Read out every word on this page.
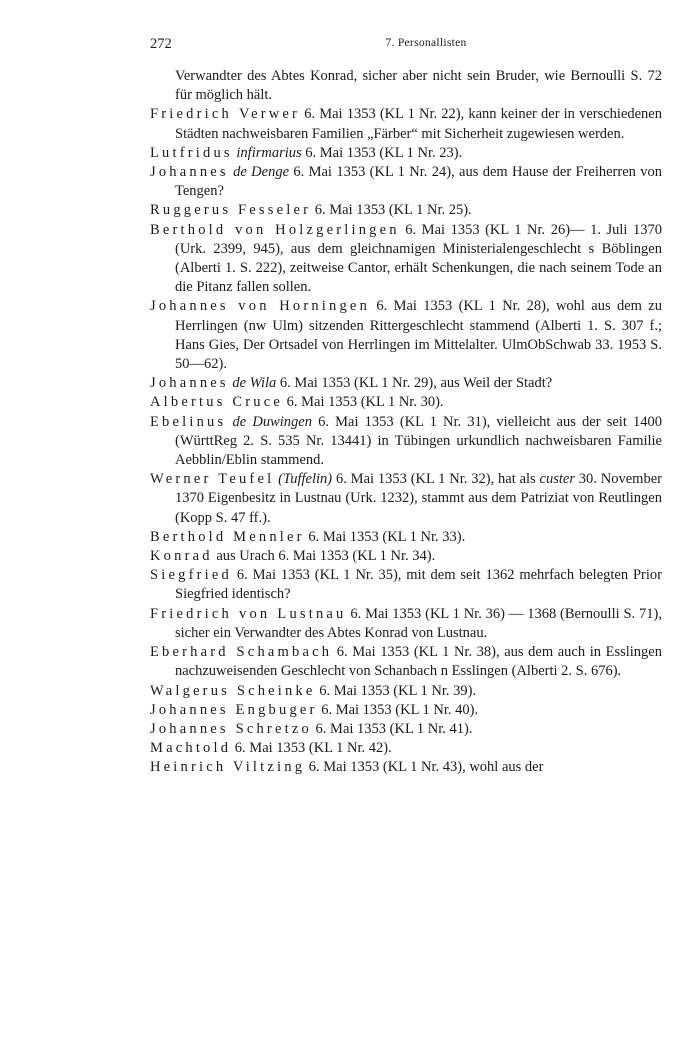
272	7. Personallisten

Verwandter des Abtes Konrad, sicher aber nicht sein Bruder, wie Bernoulli S. 72 für möglich hält.

Friedrich Verwer 6. Mai 1353 (KL 1 Nr. 22), kann keiner der in verschiedenen Städten nachweisbaren Familien „Färber“ mit Sicherheit zugewiesen werden.

Lutfridus infirmarius 6. Mai 1353 (KL 1 Nr. 23).

Johannes de Denge 6. Mai 1353 (KL 1 Nr. 24), aus dem Hause der Freiherren von Tengen?

Ruggerus Fesseler 6. Mai 1353 (KL 1 Nr. 25).

Berthold von Holzgerlingen 6. Mai 1353 (KL 1 Nr. 26)— 1. Juli 1370 (Urk. 2399, 945), aus dem gleichnamigen Ministerialengeschlecht s Böblingen (Alberti 1. S. 222), zeitweise Cantor, erhält Schenkungen, die nach seinem Tode an die Pitanz fallen sollen.

Johannes von Horningen 6. Mai 1353 (KL 1 Nr. 28), wohl aus dem zu Herrlingen (nw Ulm) sitzenden Rittergeschlecht stammend (Alberti 1. S. 307 f.; Hans Gies, Der Ortsadel von Herrlingen im Mittelalter. UlmObSchwab 33. 1953 S. 50—62).

Johannes de Wila 6. Mai 1353 (KL 1 Nr. 29), aus Weil der Stadt?

Albertus Cruce 6. Mai 1353 (KL 1 Nr. 30).

Ebelinus de Duwingen 6. Mai 1353 (KL 1 Nr. 31), vielleicht aus der seit 1400 (WürttReg 2. S. 535 Nr. 13441) in Tübingen urkundlich nachweisbaren Familie Aebblin/Eblin stammend.

Werner Teufel (Tuffelin) 6. Mai 1353 (KL 1 Nr. 32), hat als custer 30. November 1370 Eigenbesitz in Lustnau (Urk. 1232), stammt aus dem Patriziat von Reutlingen (Kopp S. 47 ff.).

Berthold Mennler 6. Mai 1353 (KL 1 Nr. 33).

Konrad aus Urach 6. Mai 1353 (KL 1 Nr. 34).

Siegfried 6. Mai 1353 (KL 1 Nr. 35), mit dem seit 1362 mehrfach belegten Prior Siegfried identisch?

Friedrich von Lustnau 6. Mai 1353 (KL 1 Nr. 36) — 1368 (Bernoulli S. 71), sicher ein Verwandter des Abtes Konrad von Lustnau.

Eberhard Schambach 6. Mai 1353 (KL 1 Nr. 38), aus dem auch in Esslingen nachzuweisenden Geschlecht von Schanbach n Esslingen (Alberti 2. S. 676).

Walgerus Scheinke 6. Mai 1353 (KL 1 Nr. 39).

Johannes Engbuger 6. Mai 1353 (KL 1 Nr. 40).

Johannes Schretzo 6. Mai 1353 (KL 1 Nr. 41).

Machtold 6. Mai 1353 (KL 1 Nr. 42).

Heinrich Viltzing 6. Mai 1353 (KL 1 Nr. 43), wohl aus der
